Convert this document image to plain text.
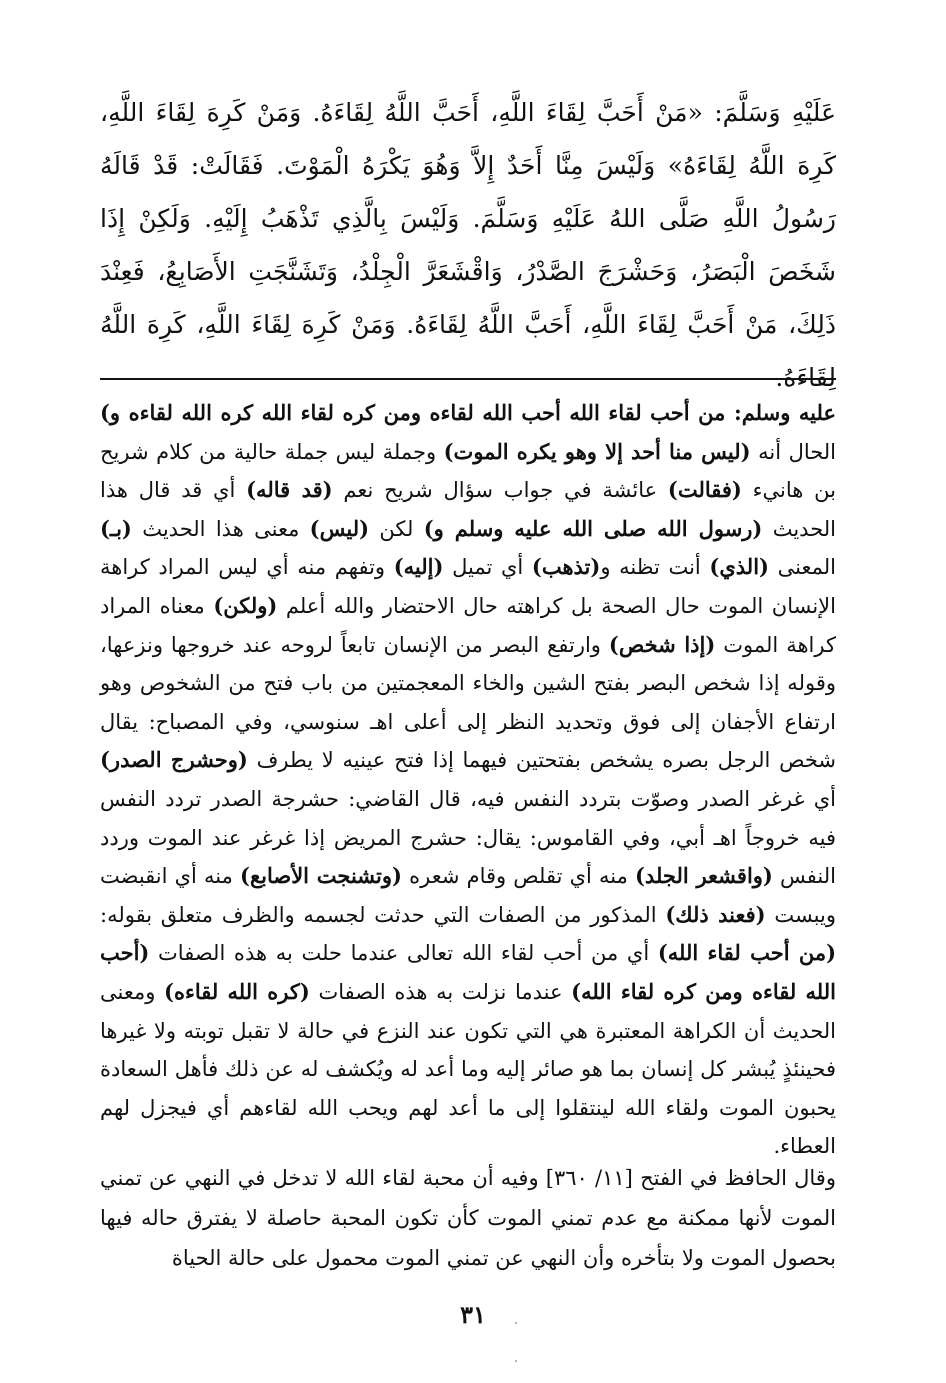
عَلَيْهِ وَسَلَّمَ: «مَنْ أَحَبَّ لِقَاءَ اللَّهِ، أَحَبَّ اللَّهُ لِقَاءَهُ. وَمَنْ كَرِهَ لِقَاءَ اللَّهِ، كَرِهَ اللَّهُ لِقَاءَهُ» وَلَيْسَ مِنَّا أَحَدٌ إِلاَّ وَهُوَ يَكْرَهُ الْمَوْتَ. فَقَالَتْ: قَدْ قَالَهُ رَسُولُ اللَّهِ صَلَّى اللهُ عَلَيْهِ وَسَلَّمَ. وَلَيْسَ بِالَّذِي تَذْهَبُ إِلَيْهِ. وَلَكِنْ إِذَا شَخَصَ الْبَصَرُ، وَحَشْرَجَ الصَّدْرُ، وَاقْشَعَرَّ الْجِلْدُ، وَتَشَنَّجَتِ الأَصَابِعُ، فَعِنْدَ ذَلِكَ، مَنْ أَحَبَّ لِقَاءَ اللَّهِ، أَحَبَّ اللَّهُ لِقَاءَهُ. وَمَنْ كَرِهَ لِقَاءَ اللَّهِ، كَرِهَ اللَّهُ لِقَاءَهُ.

عليه وسلم: من أحب لقاء الله أحب الله لقاءه ومن كره لقاء الله كره الله لقاءه و) الحال أنه (ليس منا أحد إلا وهو يكره الموت) وجملة ليس جملة حالية من كلام شريح بن هانيء (فقالت) عائشة في جواب سؤال شريح نعم (قد قاله) أي قد قال هذا الحديث (رسول الله صلى الله عليه وسلم و) لكن (ليس) معنى هذا الحديث (بـ) المعنى (الذي) أنت تظنه و(تذهب) أي تميل (إليه) وتفهم منه أي ليس المراد كراهة الإنسان الموت حال الصحة بل كراهته حال الاحتضار والله أعلم (ولكن) معناه المراد كراهة الموت (إذا شخص) وارتفع البصر من الإنسان تابعاً لروحه عند خروجها ونزعها، وقوله إذا شخص البصر بفتح الشين والخاء المعجمتين من باب فتح من الشخوص وهو ارتفاع الأجفان إلى فوق وتحديد النظر إلى أعلى اهـ سنوسي، وفي المصباح: يقال شخص الرجل بصره يشخص بفتحتين فيهما إذا فتح عينيه لا يطرف (وحشرج الصدر) أي غرغر الصدر وصوّت بتردد النفس فيه، قال القاضي: حشرجة الصدر تردد النفس فيه خروجاً اهـ أبي، وفي القاموس: يقال: حشرج المريض إذا غرغر عند الموت وردد النفس (واقشعر الجلد) منه أي تقلص وقام شعره (وتشنجت الأصابع) منه أي انقبضت ويبست (فعند ذلك) المذكور من الصفات التي حدثت لجسمه والظرف متعلق بقوله: (من أحب لقاء الله) أي من أحب لقاء الله تعالى عندما حلت به هذه الصفات (أحب الله لقاءه ومن كره لقاء الله) عندما نزلت به هذه الصفات (كره الله لقاءه) ومعنى الحديث أن الكراهة المعتبرة هي التي تكون عند النزع في حالة لا تقبل توبته ولا غيرها فحينئذٍ يُبشر كل إنسان بما هو صائر إليه وما أعد له ويُكشف له عن ذلك فأهل السعادة يحبون الموت ولقاء الله لينتقلوا إلى ما أعد لهم ويحب الله لقاءهم أي فيجزل لهم العطاء.

وقال الحافظ في الفتح [١١/ ٣٦٠] وفيه أن محبة لقاء الله لا تدخل في النهي عن تمني الموت لأنها ممكنة مع عدم تمني الموت كأن تكون المحبة حاصلة لا يفترق حاله فيها بحصول الموت ولا بتأخره وأن النهي عن تمني الموت محمول على حالة الحياة

٣١
